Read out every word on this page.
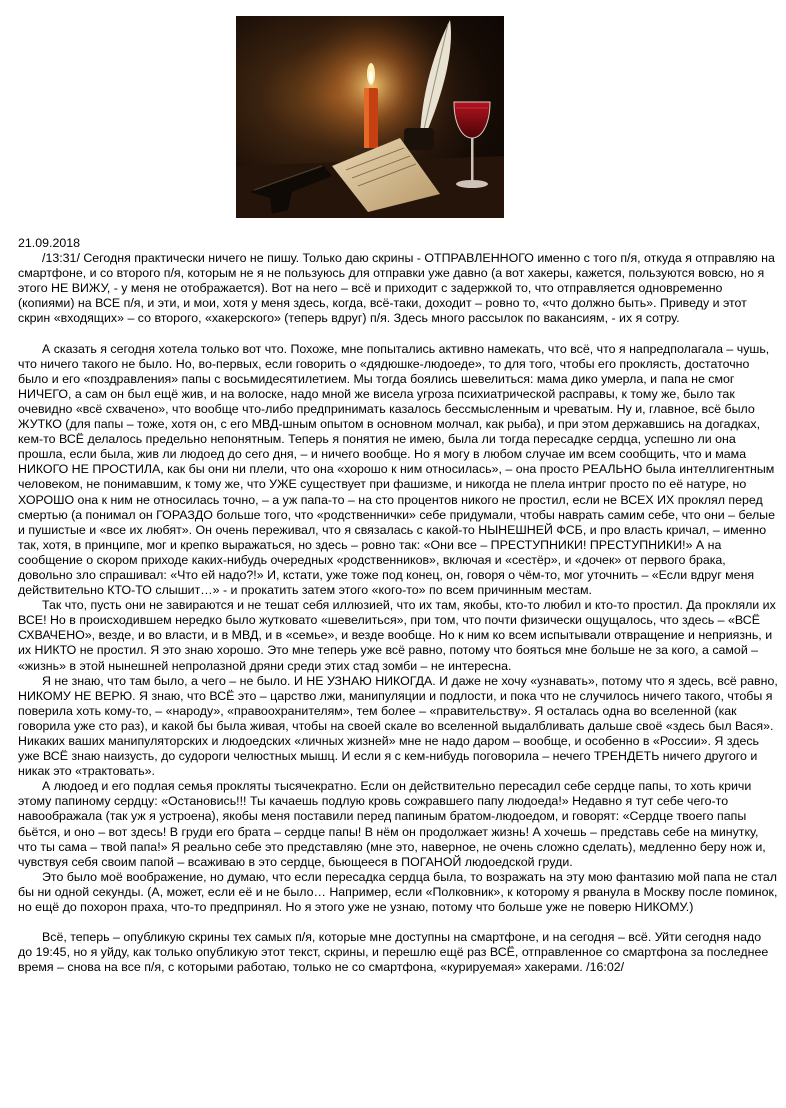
21.09.2018

/13:31/ Сегодня практически ничего не пишу. Только даю скрины - ОТПРАВЛЕННОГО именно с того п/я, откуда я отправляю на смартфоне, и со второго п/я, которым не я не пользуюсь для отправки уже давно (а вот хакеры, кажется, пользуются вовсю, но я этого НЕ ВИЖУ, - у меня не отображается). Вот на него – всё и приходит с задержкой то, что отправляется одновременно (копиями) на ВСЕ п/я, и эти, и мои, хотя у меня здесь, когда, всё-таки, доходит – ровно то, «что должно быть». Приведу и этот скрин «входящих» – со второго, «хакерского» (теперь вдруг) п/я. Здесь много рассылок по вакансиям, - их я сотру.

А сказать я сегодня хотела только вот что. Похоже, мне попытались активно намекать, что всё, что я напредполагала – чушь, что ничего такого не было. Но, во-первых, если говорить о «дядюшке-людоеде», то для того, чтобы его проклясть, достаточно было и его «поздравления» папы с восьмидесятилетием. Мы тогда боялись шевелиться: мама дико умерла, и папа не смог НИЧЕГО, а сам он был ещё жив, и на волоске, надо мной же висела угроза психиатрической расправы, к тому же, было так очевидно «всё схвачено», что вообще что-либо предпринимать казалось бессмысленным и чреватым. Ну и, главное, всё было ЖУТКО (для папы – тоже, хотя он, с его МВД-шным опытом в основном молчал, как рыба), и при этом державшись на догадках, кем-то ВСЁ делалось предельно непонятным. Теперь я понятия не имею, была ли тогда пересадке сердца, успешно ли она прошла, если была, жив ли людоед до сего дня, – и ничего вообще. Но я могу в любом случае им всем сообщить, что и мама НИКОГО НЕ ПРОСТИЛА, как бы они ни плели, что она «хорошо к ним относилась», – она просто РЕАЛЬНО была интеллигентным человеком, не понимавшим, к тому же, что УЖЕ существует при фашизме, и никогда не плела интриг просто по её натуре, но ХОРОШО она к ним не относилась точно, – а уж папа-то – на сто процентов никого не простил, если не ВСЕХ ИХ проклял перед смертью (а понимал он ГОРАЗДО больше того, что «родственнички» себе придумали, чтобы наврать самим себе, что они – белые и пушистые и «все их любят». Он очень переживал, что я связалась с какой-то НЫНЕШНЕЙ ФСБ, и про власть кричал, – именно так, хотя, в принципе, мог и крепко выражаться, но здесь – ровно так: «Они все – ПРЕСТУПНИКИ! ПРЕСТУПНИКИ!» А на сообщение о скором приходе каких-нибудь очередных «родственников», включая и «сестёр», и «дочек» от первого брака, довольно зло спрашивал: «Что ей надо?!» И, кстати, уже тоже под конец, он, говоря о чём-то, мог уточнить – «Если вдруг меня действительно КТО-ТО слышит…» - и прокатить затем этого «кого-то» по всем причинным местам.

Так что, пусть они не завираются и не тешат себя иллюзией, что их там, якобы, кто-то любил и кто-то простил. Да прокляли их ВСЕ! Но в происходившем нередко было жутковато «шевелиться», при том, что почти физически ощущалось, что здесь – «ВСЁ СХВАЧЕНО», везде, и во власти, и в МВД, и в «семье», и везде вообще. Но к ним ко всем испытывали отвращение и неприязнь, и их НИКТО не простил. Я это знаю хорошо. Это мне теперь уже всё равно, потому что бояться мне больше не за кого, а самой – «жизнь» в этой нынешней непролазной дряни среди этих стад зомби – не интересна.

Я не знаю, что там было, а чего – не было. И НЕ УЗНАЮ НИКОГДА. И даже не хочу «узнавать», потому что я здесь, всё равно, НИКОМУ НЕ ВЕРЮ. Я знаю, что ВСЁ это – царство лжи, манипуляции и подлости, и пока что не случилось ничего такого, чтобы я поверила хоть кому-то, – «народу», «правоохранителям», тем более – «правительству». Я осталась одна во вселенной (как говорила уже сто раз), и какой бы была живая, чтобы на своей скале во вселенной выдалбливать дальше своё «здесь был Вася». Никаких ваших манипуляторских и людоедских «личных жизней» мне не надо даром – вообще, и особенно в «России». Я здесь уже ВСЁ знаю наизусть, до судороги челюстных мышц. И если я с кем-нибудь поговорила – нечего ТРЕНДЕТЬ ничего другого и никак это «трактовать».

А людоед и его подлая семья прокляты тысячекратно. Если он действительно пересадил себе сердце папы, то хоть кричи этому папиному сердцу: «Остановись!!! Ты качаешь подлую кровь сожравшего папу людоеда!» Недавно я тут себе чего-то навоображала (так уж я устроена), якобы меня поставили перед папиным братом-людоедом, и говорят: «Сердце твоего папы бьётся, и оно – вот здесь! В груди его брата – сердце папы! В нём он продолжает жизнь! А хочешь – представь себе на минутку, что ты сама – твой папа!» Я реально себе это представляю (мне это, наверное, не очень сложно сделать), медленно беру нож и, чувствуя себя своим папой – всаживаю в это сердце, бьющееся в ПОГАНОЙ людоедской груди.

Это было моё воображение, но думаю, что если пересадка сердца была, то возражать на эту мою фантазию мой папа не стал бы ни одной секунды. (А, может, если её и не было… Например, если «Полковник», к которому я рванула в Москву после поминок, но ещё до похорон праха, что-то предпринял. Но я этого уже не узнаю, потому что больше уже не поверю НИКОМУ.)

Всё, теперь – опубликую скрины тех самых п/я, которые мне доступны на смартфоне, и на сегодня – всё. Уйти сегодня надо до 19:45, но я уйду, как только опубликую этот текст, скрины, и перешлю ещё раз ВСЁ, отправленное со смартфона за последнее время – снова на все п/я, с которыми работаю, только не со смартфона, «курируемая» хакерами. /16:02/
